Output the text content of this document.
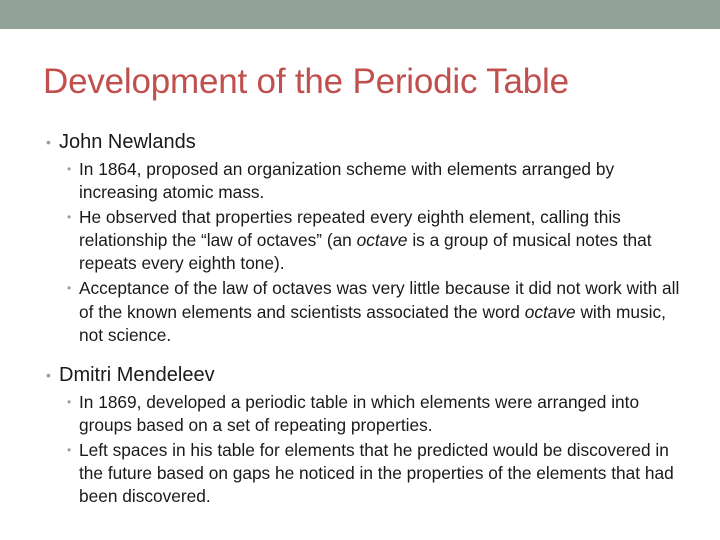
Development of the Periodic Table
• John Newlands
• In 1864, proposed an organization scheme with elements arranged by increasing atomic mass.
• He observed that properties repeated every eighth element, calling this relationship the “law of octaves” (an octave is a group of musical notes that repeats every eighth tone).
• Acceptance of the law of octaves was very little because it did not work with all of the known elements and scientists associated the word octave with music, not science.
• Dmitri Mendeleev
• In 1869, developed a periodic table in which elements were arranged into groups based on a set of repeating properties.
• Left spaces in his table for elements that he predicted would be discovered in the future based on gaps he noticed in the properties of the elements that had been discovered.
